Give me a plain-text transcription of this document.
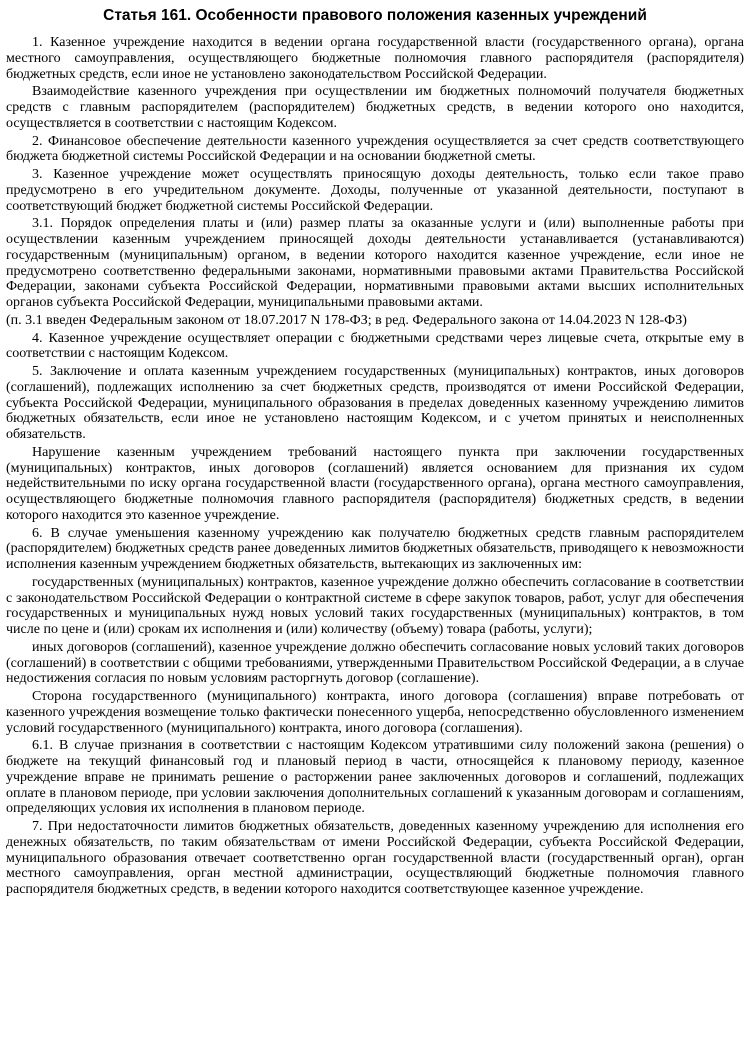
Статья 161. Особенности правового положения казенных учреждений

1. Казенное учреждение находится в ведении органа государственной власти (государственного органа), органа местного самоуправления, осуществляющего бюджетные полномочия главного распорядителя (распорядителя) бюджетных средств, если иное не установлено законодательством Российской Федерации.

Взаимодействие казенного учреждения при осуществлении им бюджетных полномочий получателя бюджетных средств с главным распорядителем (распорядителем) бюджетных средств, в ведении которого оно находится, осуществляется в соответствии с настоящим Кодексом.

2. Финансовое обеспечение деятельности казенного учреждения осуществляется за счет средств соответствующего бюджета бюджетной системы Российской Федерации и на основании бюджетной сметы.

3. Казенное учреждение может осуществлять приносящую доходы деятельность, только если такое право предусмотрено в его учредительном документе. Доходы, полученные от указанной деятельности, поступают в соответствующий бюджет бюджетной системы Российской Федерации.

3.1. Порядок определения платы и (или) размер платы за оказанные услуги и (или) выполненные работы при осуществлении казенным учреждением приносящей доходы деятельности устанавливается (устанавливаются) государственным (муниципальным) органом, в ведении которого находится казенное учреждение, если иное не предусмотрено соответственно федеральными законами, нормативными правовыми актами Правительства Российской Федерации, законами субъекта Российской Федерации, нормативными правовыми актами высших исполнительных органов субъекта Российской Федерации, муниципальными правовыми актами.

(п. 3.1 введен Федеральным законом от 18.07.2017 N 178-ФЗ; в ред. Федерального закона от 14.04.2023 N 128-ФЗ)

4. Казенное учреждение осуществляет операции с бюджетными средствами через лицевые счета, открытые ему в соответствии с настоящим Кодексом.

5. Заключение и оплата казенным учреждением государственных (муниципальных) контрактов, иных договоров (соглашений), подлежащих исполнению за счет бюджетных средств, производятся от имени Российской Федерации, субъекта Российской Федерации, муниципального образования в пределах доведенных казенному учреждению лимитов бюджетных обязательств, если иное не установлено настоящим Кодексом, и с учетом принятых и неисполненных обязательств.

Нарушение казенным учреждением требований настоящего пункта при заключении государственных (муниципальных) контрактов, иных договоров (соглашений) является основанием для признания их судом недействительными по иску органа государственной власти (государственного органа), органа местного самоуправления, осуществляющего бюджетные полномочия главного распорядителя (распорядителя) бюджетных средств, в ведении которого находится это казенное учреждение.

6. В случае уменьшения казенному учреждению как получателю бюджетных средств главным распорядителем (распорядителем) бюджетных средств ранее доведенных лимитов бюджетных обязательств, приводящего к невозможности исполнения казенным учреждением бюджетных обязательств, вытекающих из заключенных им:

государственных (муниципальных) контрактов, казенное учреждение должно обеспечить согласование в соответствии с законодательством Российской Федерации о контрактной системе в сфере закупок товаров, работ, услуг для обеспечения государственных и муниципальных нужд новых условий таких государственных (муниципальных) контрактов, в том числе по цене и (или) срокам их исполнения и (или) количеству (объему) товара (работы, услуги);

иных договоров (соглашений), казенное учреждение должно обеспечить согласование новых условий таких договоров (соглашений) в соответствии с общими требованиями, утвержденными Правительством Российской Федерации, а в случае недостижения согласия по новым условиям расторгнуть договор (соглашение).

Сторона государственного (муниципального) контракта, иного договора (соглашения) вправе потребовать от казенного учреждения возмещение только фактически понесенного ущерба, непосредственно обусловленного изменением условий государственного (муниципального) контракта, иного договора (соглашения).

6.1. В случае признания в соответствии с настоящим Кодексом утратившими силу положений закона (решения) о бюджете на текущий финансовый год и плановый период в части, относящейся к плановому периоду, казенное учреждение вправе не принимать решение о расторжении ранее заключенных договоров и соглашений, подлежащих оплате в плановом периоде, при условии заключения дополнительных соглашений к указанным договорам и соглашениям, определяющих условия их исполнения в плановом периоде.

7. При недостаточности лимитов бюджетных обязательств, доведенных казенному учреждению для исполнения его денежных обязательств, по таким обязательствам от имени Российской Федерации, субъекта Российской Федерации, муниципального образования отвечает соответственно орган государственной власти (государственный орган), орган местного самоуправления, орган местной администрации, осуществляющий бюджетные полномочия главного распорядителя бюджетных средств, в ведении которого находится соответствующее казенное учреждение.
